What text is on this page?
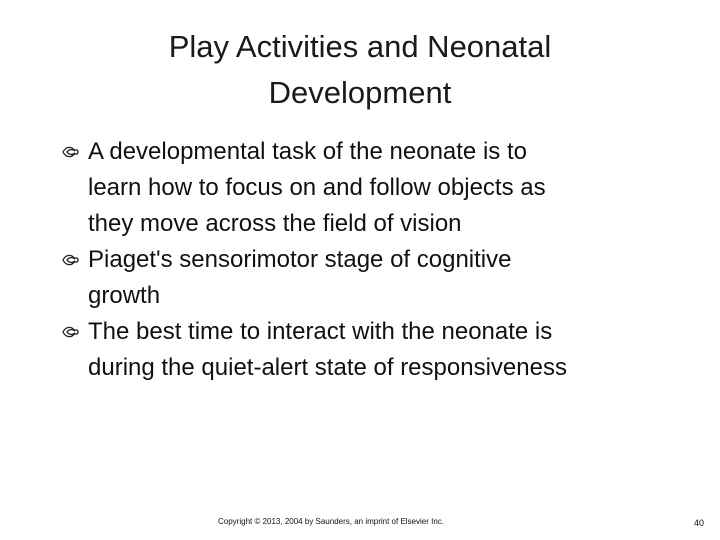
Play Activities and Neonatal
Development
A developmental task of the neonate is to
learn how to focus on and follow objects as
they move across the field of vision
Piaget's sensorimotor stage of cognitive
growth
The best time to interact with the neonate is
during the quiet-alert state of responsiveness
Copyright © 2013, 2004 by Saunders, an imprint of Elsevier Inc.	40
